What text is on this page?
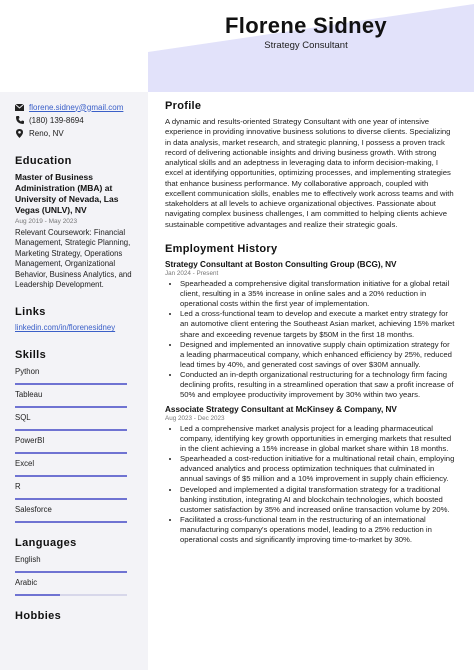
Florene Sidney
Strategy Consultant
florene.sidney@gmail.com
(180) 139-8694
Reno, NV
Education
Master of Business Administration (MBA) at University of Nevada, Las Vegas (UNLV), NV
Aug 2019 - May 2023
Relevant Coursework: Financial Management, Strategic Planning, Marketing Strategy, Operations Management, Organizational Behavior, Business Analytics, and Leadership Development.
Links
linkedin.com/in/florenesidney
Skills
Python
Tableau
SQL
PowerBI
Excel
R
Salesforce
Languages
English
Arabic
Hobbies
Profile
A dynamic and results-oriented Strategy Consultant with one year of intensive experience in providing innovative business solutions to diverse clients. Specializing in data analysis, market research, and strategic planning, I possess a proven track record of delivering actionable insights and driving business growth. With strong analytical skills and an adeptness in leveraging data to inform decision-making, I excel at identifying opportunities, optimizing processes, and implementing strategies that enhance business performance. My collaborative approach, coupled with excellent communication skills, enables me to effectively work across teams and with stakeholders at all levels to achieve organizational objectives. Passionate about navigating complex business challenges, I am committed to helping clients achieve sustainable competitive advantages and realize their strategic goals.
Employment History
Strategy Consultant at Boston Consulting Group (BCG), NV
Jan 2024 - Present
• Spearheaded a comprehensive digital transformation initiative for a global retail client, resulting in a 35% increase in online sales and a 20% reduction in operational costs within the first year of implementation.
• Led a cross-functional team to develop and execute a market entry strategy for an automotive client entering the Southeast Asian market, achieving 15% market share and exceeding revenue targets by $50M in the first 18 months.
• Designed and implemented an innovative supply chain optimization strategy for a leading pharmaceutical company, which enhanced efficiency by 25%, reduced lead times by 40%, and generated cost savings of over $30M annually.
• Conducted an in-depth organizational restructuring for a technology firm facing declining profits, resulting in a streamlined operation that saw a profit increase of 50% and employee productivity improvement by 30% within two years.
Associate Strategy Consultant at McKinsey & Company, NV
Aug 2023 - Dec 2023
• Led a comprehensive market analysis project for a leading pharmaceutical company, identifying key growth opportunities in emerging markets that resulted in the client achieving a 15% increase in global market share within 18 months.
• Spearheaded a cost-reduction initiative for a multinational retail chain, employing advanced analytics and process optimization techniques that culminated in annual savings of $5 million and a 10% improvement in supply chain efficiency.
• Developed and implemented a digital transformation strategy for a traditional banking institution, integrating AI and blockchain technologies, which boosted customer satisfaction by 35% and increased online transaction volume by 20%.
• Facilitated a cross-functional team in the restructuring of an international manufacturing company's operations model, leading to a 25% reduction in operational costs and significantly improving time-to-market by 30%.
